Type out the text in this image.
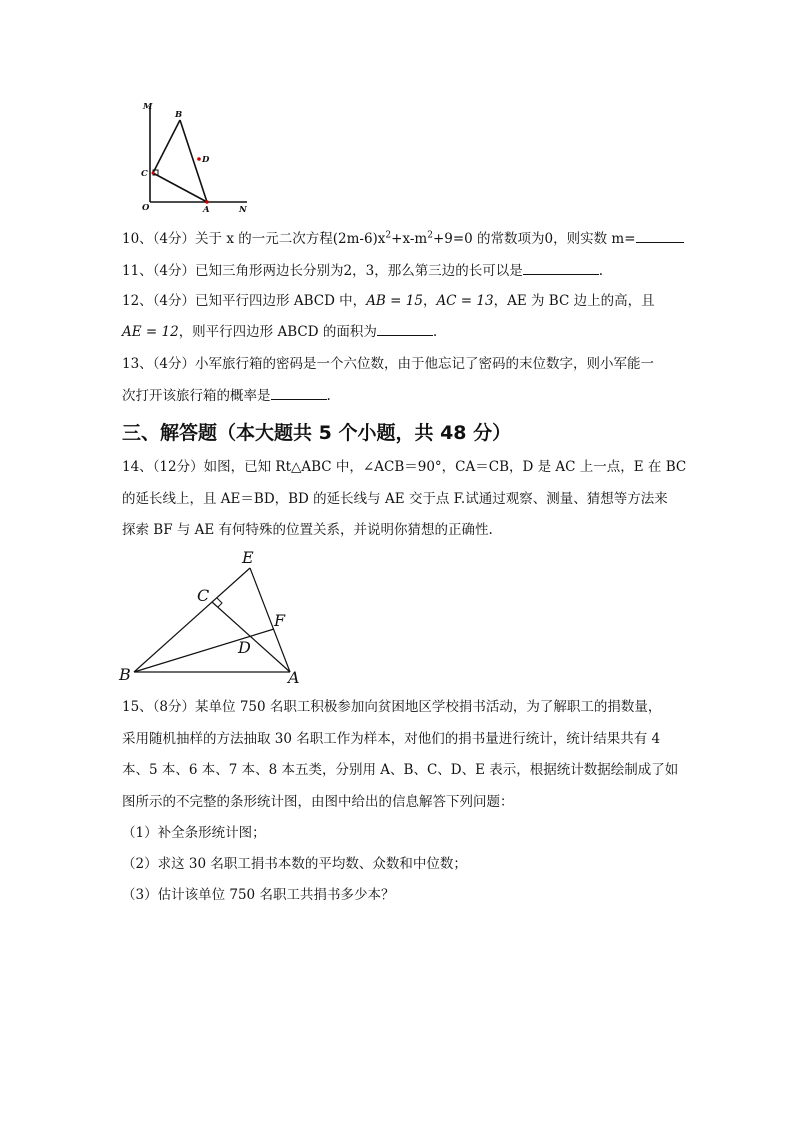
M
B
D
C
O	A	N
10、（4分）关于 x 的一元二次方程$(2m-6)x^2+x-m^2+9=0$ 的常数项为0，则实数 m=
11、（4分）已知三角形两边长分别为2，3，那么第三边的长可以是	.
12、（4分）已知平行四边形 ABCD 中，AB = 15，AC = 13，AE 为 BC 边上的高，且
AE = 12，则平行四边形 ABCD 的面积为	.
13、（4分）小军旅行箱的密码是一个六位数，由于他忘记了密码的末位数字，则小军能一
次打开该旅行箱的概率是	.
三、解答题（本大题共 5 个小题，共 48 分）
14、（12分）如图，已知 Rt△ABC 中，∠ACB＝90°，CA＝CB，D 是 AC 上一点，E 在 BC
的延长线上，且 AE＝BD，BD 的延长线与 AE 交于点 F.试通过观察、测量、猜想等方法来
探索 BF 与 AE 有何特殊的位置关系，并说明你猜想的正确性.
E
C
F
D
B	A
15、（8分）某单位 750 名职工积极参加向贫困地区学校捐书活动，为了解职工的捐数量，
采用随机抽样的方法抽取 30 名职工作为样本，对他们的捐书量进行统计，统计结果共有 4
本、5 本、6 本、7 本、8 本五类，分别用 A、B、C、D、E 表示，根据统计数据绘制成了如
图所示的不完整的条形统计图，由图中给出的信息解答下列问题：
（1）补全条形统计图；
（2）求这 30 名职工捐书本数的平均数、众数和中位数；
（3）估计该单位 750 名职工共捐书多少本？
